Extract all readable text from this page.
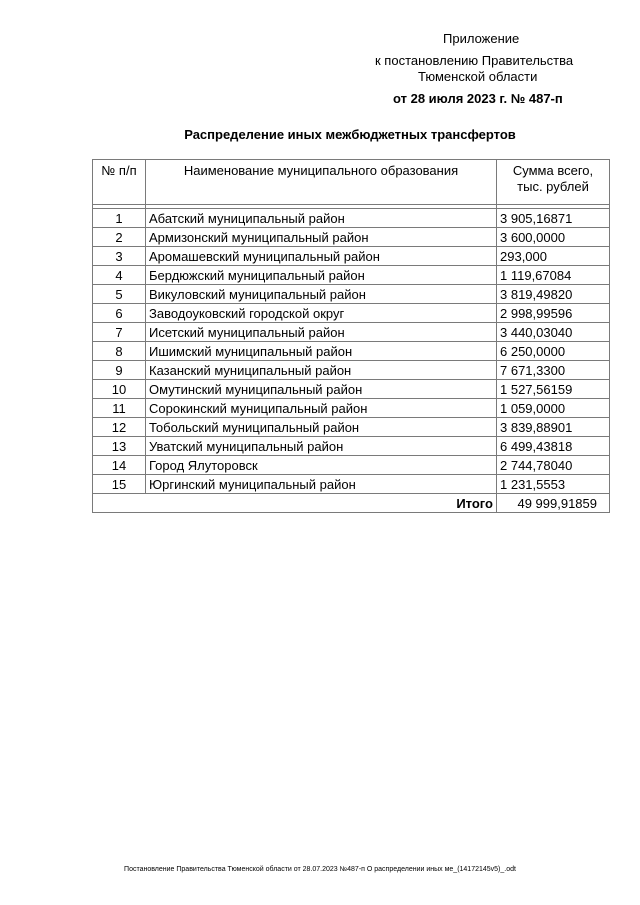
Приложение
к постановлению Правительства
Тюменской области
от 28 июля 2023 г. № 487-п
Распределение иных межбюджетных трансфертов
№ п/п	Наименование муниципального образования	Сумма всего,
тыс. рублей

1	Абатский муниципальный район	3 905,16871
2	Армизонский муниципальный район	3 600,0000
3	Аромашевский муниципальный район	293,000
4	Бердюжский муниципальный район	1 119,67084
5	Викуловский муниципальный район	3 819,49820
6	Заводоуковский городской округ	2 998,99596
7	Исетский муниципальный район	3 440,03040
8	Ишимский муниципальный район	6 250,0000
9	Казанский муниципальный район	7 671,3300
10	Омутинский муниципальный район	1 527,56159
11	Сорокинский муниципальный район	1 059,0000
12	Тобольский муниципальный район	3 839,88901
13	Уватский муниципальный район	6 499,43818
14	Город Ялуторовск	2 744,78040
15	Юргинский муниципальный район	1 231,5553
Итого		49 999,91859
Постановление Правительства Тюменской области от 28.07.2023 №487-п О распределении иных ме_(14172145v5)_.odt
